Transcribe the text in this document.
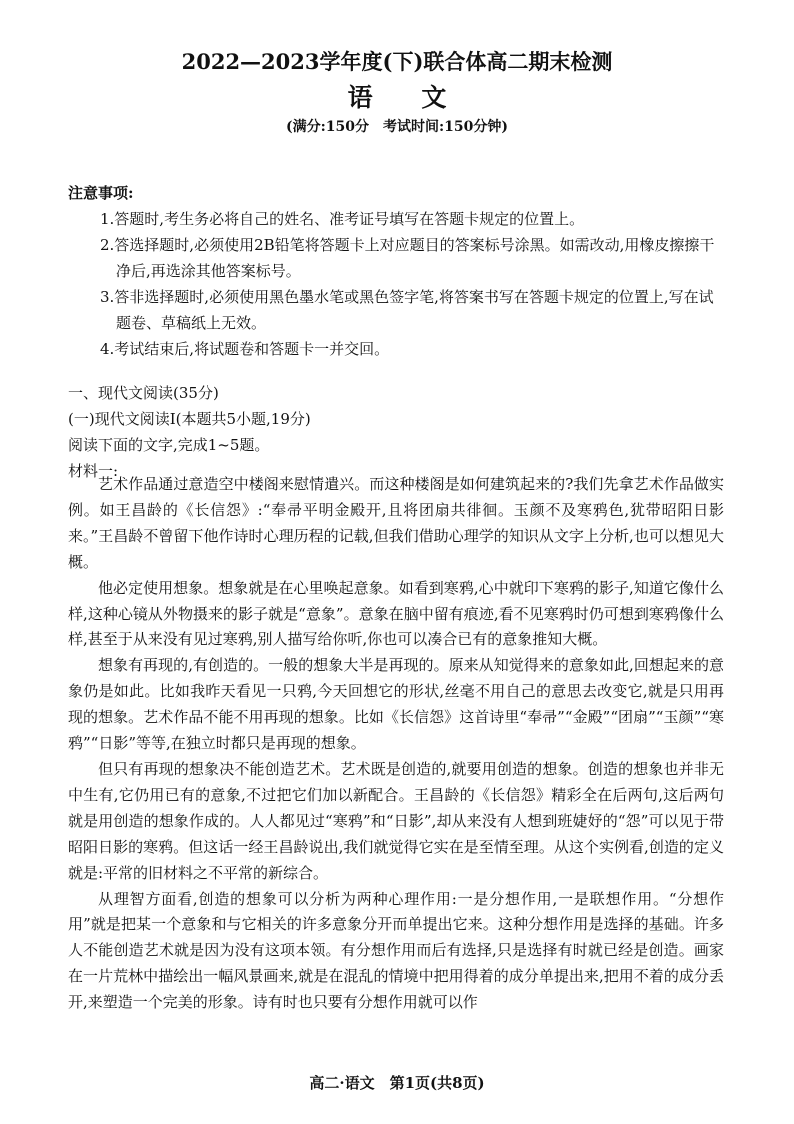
2022—2023学年度(下)联合体高二期末检测
语 文
(满分:150分　考试时间:150分钟)
注意事项:
1.答题时,考生务必将自己的姓名、准考证号填写在答题卡规定的位置上。
2.答选择题时,必须使用2B铅笔将答题卡上对应题目的答案标号涂黑。如需改动,用橡皮擦擦干净后,再选涂其他答案标号。
3.答非选择题时,必须使用黑色墨水笔或黑色签字笔,将答案书写在答题卡规定的位置上,写在试题卷、草稿纸上无效。
4.考试结束后,将试题卷和答题卡一并交回。
一、现代文阅读(35分)
(一)现代文阅读Ⅰ(本题共5小题,19分)
阅读下面的文字,完成1~5题。
材料一:

艺术作品通过意造空中楼阁来慰情遣兴。而这种楼阁是如何建筑起来的?我们先拿艺术作品做实例。如王昌龄的《长信怨》:“奉帚平明金殿开,且将团扇共徘徊。玉颜不及寒鸦色,犹带昭阳日影来。”王昌龄不曾留下他作诗时心理历程的记载,但我们借助心理学的知识从文字上分析,也可以想见大概。

他必定使用想象。想象就是在心里唤起意象。如看到寒鸦,心中就印下寒鸦的影子,知道它像什么样,这种心镜从外物摄来的影子就是“意象”。意象在脑中留有痕迹,看不见寒鸦时仍可想到寒鸦像什么样,甚至于从来没有见过寒鸦,别人描写给你听,你也可以凑合已有的意象推知大概。

想象有再现的,有创造的。一般的想象大半是再现的。原来从知觉得来的意象如此,回想起来的意象仍是如此。比如我昨天看见一只鸦,今天回想它的形状,丝毫不用自己的意思去改变它,就是只用再现的想象。艺术作品不能不用再现的想象。比如《长信怨》这首诗里“奉帚”“金殿”“团扇”“玉颜”“寒鸦”“日影”等等,在独立时都只是再现的想象。

但只有再现的想象决不能创造艺术。艺术既是创造的,就要用创造的想象。创造的想象也并非无中生有,它仍用已有的意象,不过把它们加以新配合。王昌龄的《长信怨》精彩全在后两句,这后两句就是用创造的想象作成的。人人都见过“寒鸦”和“日影”,却从来没有人想到班婕妤的“怨”可以见于带昭阳日影的寒鸦。但这话一经王昌龄说出,我们就觉得它实在是至情至理。从这个实例看,创造的定义就是:平常的旧材料之不平常的新综合。

从理智方面看,创造的想象可以分析为两种心理作用:一是分想作用,一是联想作用。“分想作用”就是把某一个意象和与它相关的许多意象分开而单提出它来。这种分想作用是选择的基础。许多人不能创造艺术就是因为没有这项本领。有分想作用而后有选择,只是选择有时就已经是创造。画家在一片荒林中描绘出一幅风景画来,就是在混乱的情境中把用得着的成分单提出来,把用不着的成分丢开,来塑造一个完美的形象。诗有时也只要有分想作用就可以作

高二·语文　第1页(共8页)
